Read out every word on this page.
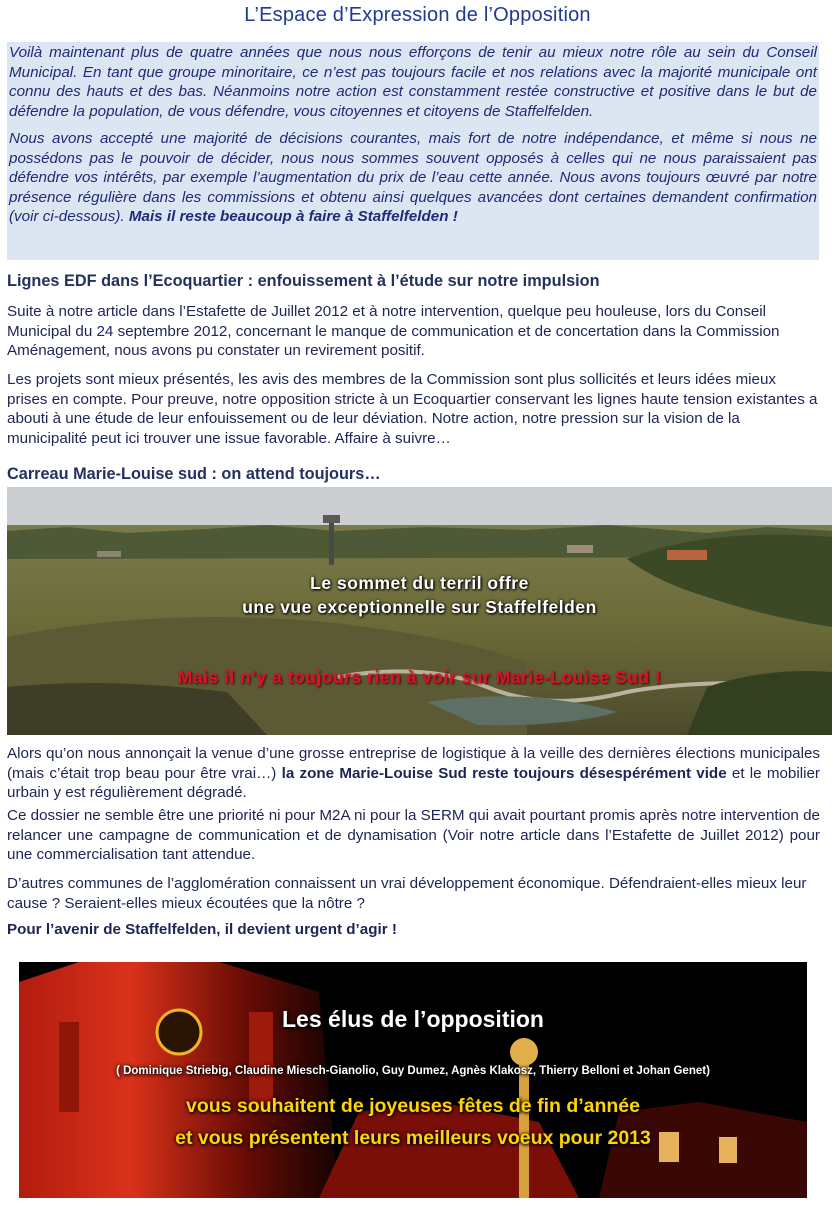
L’Espace d’Expression de l’Opposition

Voilà maintenant plus de quatre années que nous nous efforçons de tenir au mieux notre rôle au sein du Conseil Municipal. En tant que groupe minoritaire, ce n’est pas toujours facile et nos relations avec la majorité municipale ont connu des hauts et des bas. Néanmoins notre action est constamment restée constructive et positive dans le but de défendre la population, de vous défendre, vous citoyennes et citoyens de Staffelfelden.

Nous avons accepté une majorité de décisions courantes, mais fort de notre indépendance, et même si nous ne possédons pas le pouvoir de décider, nous nous sommes souvent opposés à celles qui ne nous paraissaient pas défendre vos intérêts, par exemple l’augmentation du prix de l’eau cette année. Nous avons toujours œuvré par notre présence régulière dans les commissions et obtenu ainsi quelques avancées dont certaines demandent confirmation (voir ci-dessous). Mais il reste beaucoup à faire à Staffelfelden !

Lignes EDF dans l’Ecoquartier : enfouissement à l’étude sur notre impulsion

Suite à notre article dans l’Estafette de Juillet 2012 et à notre intervention, quelque peu houleuse, lors du Conseil Municipal du 24 septembre 2012, concernant le manque de communication et de concertation dans la Commission Aménagement, nous avons pu constater un revirement positif.

Les projets sont mieux présentés, les avis des membres de la Commission sont plus sollicités et leurs idées mieux prises en compte. Pour preuve, notre opposition stricte à un Ecoquartier conservant les lignes haute tension existantes a abouti à une étude de leur enfouissement ou de leur déviation. Notre action, notre pression sur la vision de la municipalité peut ici trouver une issue favorable. Affaire à suivre…

Carreau Marie-Louise sud : on attend toujours…
Le sommet du terril offre
une vue exceptionnelle sur Staffelfelden
Mais il n’y a toujours rien à voir sur Marie-Louise Sud !

Alors qu’on nous annonçait la venue d’une grosse entreprise de logistique à la veille des dernières élections municipales (mais c’était trop beau pour être vrai…) la zone Marie-Louise Sud reste toujours désespérément vide et le mobilier urbain y est régulièrement dégradé.

Ce dossier ne semble être une priorité ni pour M2A ni pour la SERM qui avait pourtant promis après notre intervention de relancer une campagne de communication et de dynamisation (Voir notre article dans l’Estafette de Juillet 2012) pour une commercialisation tant attendue.

D’autres communes de l’agglomération connaissent un vrai développement économique. Défendraient-elles mieux leur cause ? Seraient-elles mieux écoutées que la nôtre ?

Pour l’avenir de Staffelfelden, il devient urgent d’agir !

Les élus de l’opposition
( Dominique Striebig, Claudine Miesch-Gianolio, Guy Dumez, Agnès Klakosz, Thierry Belloni et Johan Genet)
vous souhaitent de joyeuses fêtes de fin d’année
et vous présentent leurs meilleurs voeux pour 2013
